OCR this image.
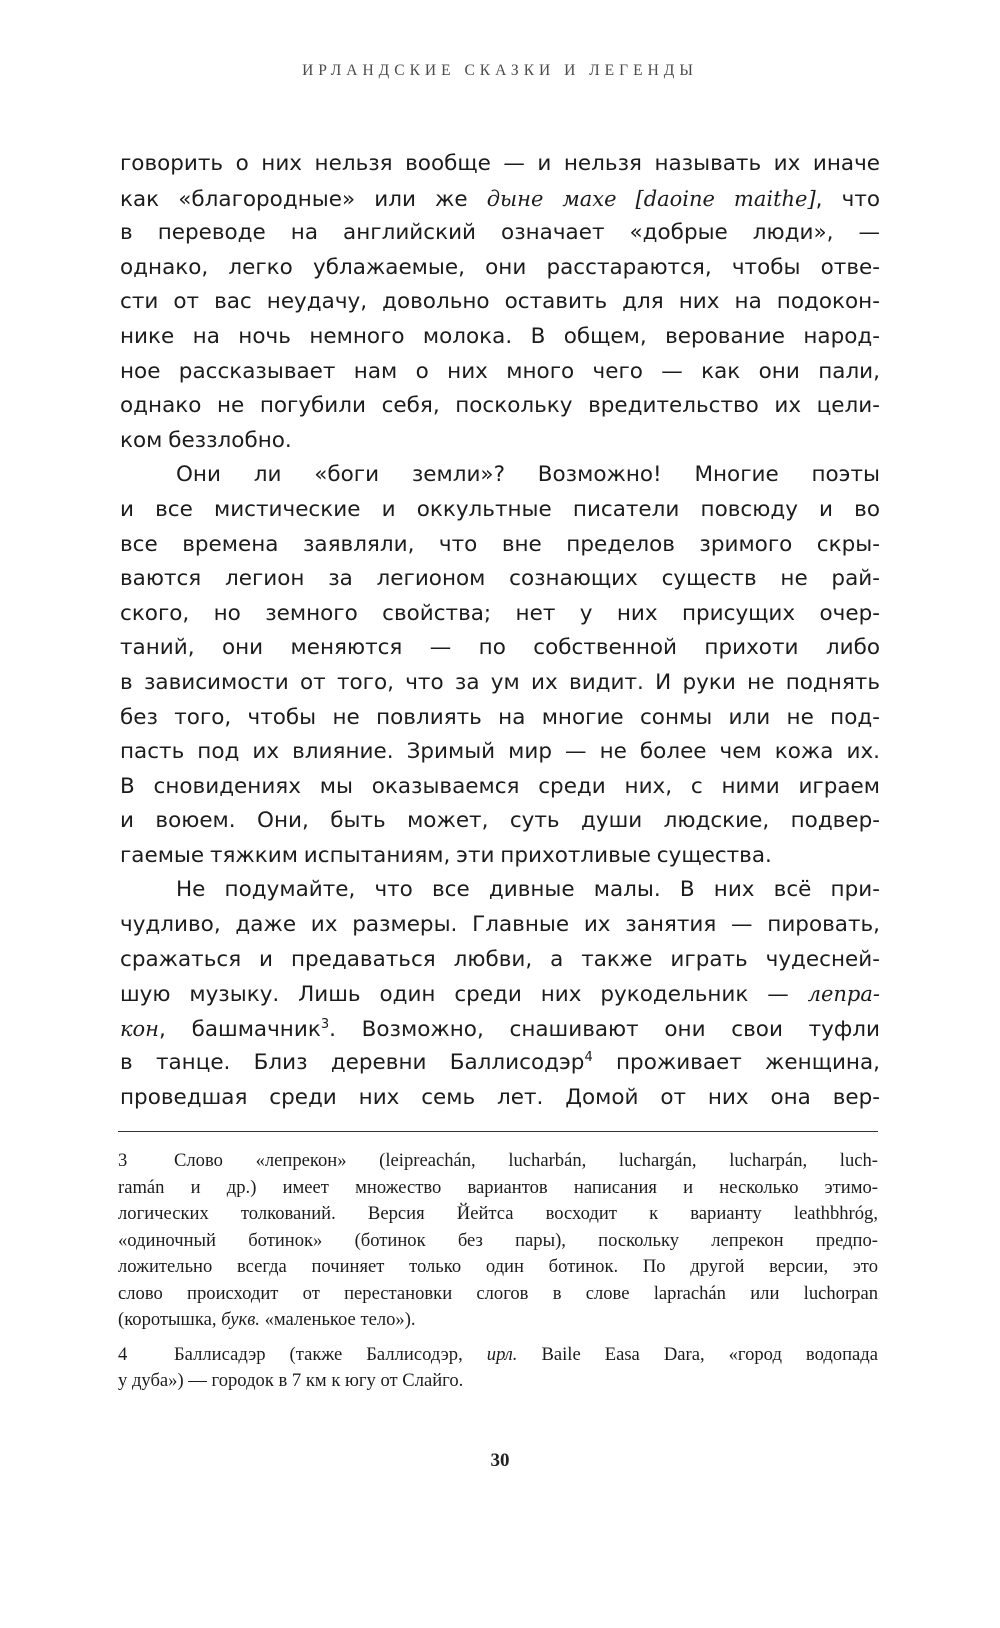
ИРЛАНДСКИЕ СКАЗКИ И ЛЕГЕНДЫ
говорить о них нельзя вообще — и нельзя называть их иначе
как «благородные» или же дыне махе [daoine maithe], что
в переводе на английский означает «добрые люди», —
однако, легко ублажаемые, они расстараются, чтобы отве-
сти от вас неудачу, довольно оставить для них на подокон-
нике на ночь немного молока. В общем, верование народ-
ное рассказывает нам о них много чего — как они пали,
однако не погубили себя, поскольку вредительство их цели-
ком беззлобно.
Они ли «боги земли»? Возможно! Многие поэты
и все мистические и оккультные писатели повсюду и во
все времена заявляли, что вне пределов зримого скры-
ваются легион за легионом сознающих существ не рай-
ского, но земного свойства; нет у них присущих очер-
таний, они меняются — по собственной прихоти либо
в зависимости от того, что за ум их видит. И руки не поднять
без того, чтобы не повлиять на многие сонмы или не под-
пасть под их влияние. Зримый мир — не более чем кожа их.
В сновидениях мы оказываемся среди них, с ними играем
и воюем. Они, быть может, суть души людские, подвер-
гаемые тяжким испытаниям, эти прихотливые существа.
Не подумайте, что все дивные малы. В них всё при-
чудливо, даже их размеры. Главные их занятия — пировать,
сражаться и предаваться любви, а также играть чудесней-
шую музыку. Лишь один среди них рукодельник — лепра-
кон, башмачник$^3$. Возможно, снашивают они свои туфли
в танце. Близ деревни Баллисодэр$^4$ проживает женщина,
проведшая среди них семь лет. Домой от них она вер-
3	Слово «лепрекон» (leipreachán, lucharbán, luchargán, lucharpán, luch-
ramán и др.) имеет множество вариантов написания и несколько этимо-
логических толкований. Версия Йейтса восходит к варианту leathbhróg,
«одиночный ботинок» (ботинок без пары), поскольку лепрекон предпо-
ложительно всегда починяет только один ботинок. По другой версии, это
слово происходит от перестановки слогов в слове laprachán или luchorpan
(коротышка, букв. «маленькое тело»).
4	Баллисадэр (также Баллисодэр, ирл. Baile Easa Dara, «город водопада
у дуба») — городок в 7 км к югу от Слайго.
30
